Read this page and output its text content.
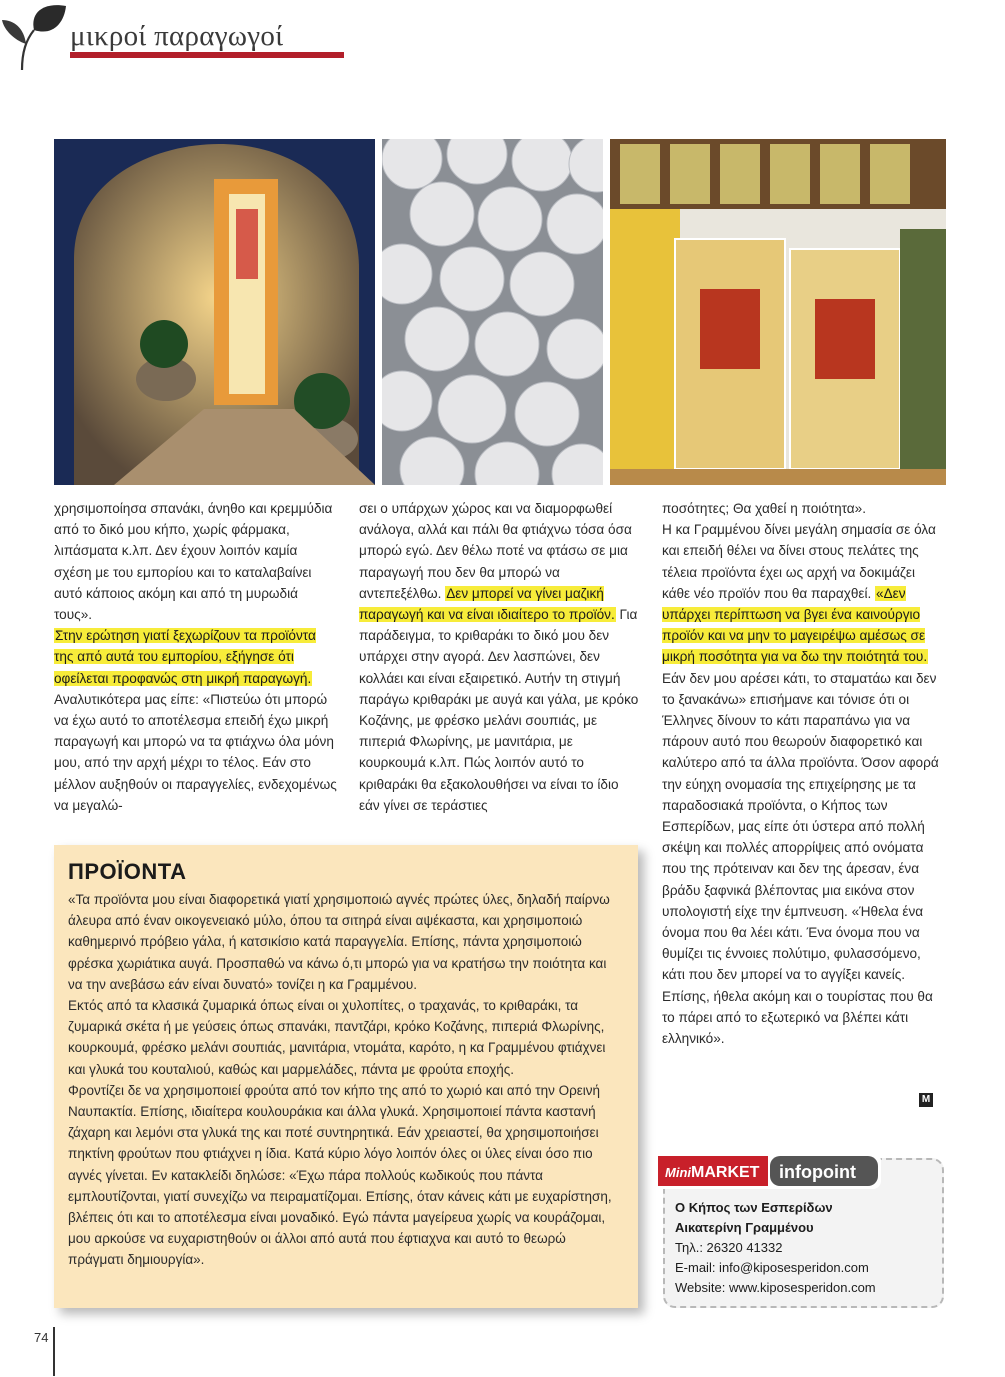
μικροί παραγωγοί

χρησιμοποίησα σπανάκι, άνηθο και κρεμμύδια από το δικό μου κήπο, χωρίς φάρμακα, λιπάσματα κ.λπ. Δεν έχουν λοιπόν καμία σχέση με του εμπορίου και το καταλαβαίνει αυτό κάποιος ακόμη και από τη μυρωδιά τους».

Στην ερώτηση γιατί ξεχωρίζουν τα προϊόντα της από αυτά του εμπορίου, εξήγησε ότι οφείλεται προφανώς στη μικρή παραγωγή. Αναλυτικότερα μας είπε: «Πιστεύω ότι μπορώ να έχω αυτό το αποτέλεσμα επειδή έχω μικρή παραγωγή και μπορώ να τα φτιάχνω όλα μόνη μου, από την αρχή μέχρι το τέλος. Εάν στο μέλλον αυξηθούν οι παραγγελίες, ενδεχομένως να μεγαλώ-

σει ο υπάρχων χώρος και να διαμορφωθεί ανάλογα, αλλά και πάλι θα φτιάχνω τόσα όσα μπορώ εγώ. Δεν θέλω ποτέ να φτάσω σε μια παραγωγή που δεν θα μπορώ να αντεπεξέλθω. Δεν μπορεί να γίνει μαζική παραγωγή και να είναι ιδιαίτερο το προϊόν. Για παράδειγμα, το κριθαράκι το δικό μου δεν υπάρχει στην αγορά. Δεν λασπώνει, δεν κολλάει και είναι εξαιρετικό. Αυτήν τη στιγμή παράγω κριθαράκι με αυγά και γάλα, με κρόκο Κοζάνης, με φρέσκο μελάνι σουπιάς, με πιπεριά Φλωρίνης, με μανιτάρια, με κουρκουμά κ.λπ. Πώς λοιπόν αυτό το κριθαράκι θα εξακολουθήσει να είναι το ίδιο εάν γίνει σε τεράστιες

ποσότητες; Θα χαθεί η ποιότητα».

Η κα Γραμμένου δίνει μεγάλη σημασία σε όλα και επειδή θέλει να δίνει στους πελάτες της τέλεια προϊόντα έχει ως αρχή να δοκιμάζει κάθε νέο προϊόν που θα παραχθεί. «Δεν υπάρχει περίπτωση να βγει ένα καινούργιο προϊόν και να μην το μαγειρέψω αμέσως σε μικρή ποσότητα για να δω την ποιότητά του. Εάν δεν μου αρέσει κάτι, το σταματάω και δεν το ξανακάνω» επισήμανε και τόνισε ότι οι Έλληνες δίνουν το κάτι παραπάνω για να πάρουν αυτό που θεωρούν διαφορετικό και καλύτερο από τα άλλα προϊόντα. Όσον αφορά την εύηχη ονομασία της επιχείρησης με τα παραδοσιακά προϊόντα, ο Κήπος των Εσπερίδων, μας είπε ότι ύστερα από πολλή σκέψη και πολλές απορρίψεις από ονόματα που της πρότειναν και δεν της άρεσαν, ένα βράδυ ξαφνικά βλέποντας μια εικόνα στον υπολογιστή είχε την έμπνευση. «Ήθελα ένα όνομα που θα λέει κάτι. Ένα όνομα που να θυμίζει τις έννοιες πολύτιμο, φυλασσόμενο, κάτι που δεν μπορεί να το αγγίξει κανείς. Επίσης, ήθελα ακόμη και ο τουρίστας που θα το πάρει από το εξωτερικό να βλέπει κάτι ελληνικό».

M
ΠΡΟΪΟΝΤΑ

«Τα προϊόντα μου είναι διαφορετικά γιατί χρησιμοποιώ αγνές πρώτες ύλες, δηλαδή παίρνω άλευρα από έναν οικογενειακό μύλο, όπου τα σιτηρά είναι αψέκαστα, και χρησιμοποιώ καθημερινό πρόβειο γάλα, ή κατσικίσιο κατά παραγγελία. Επίσης, πάντα χρησιμοποιώ φρέσκα χωριάτικα αυγά. Προσπαθώ να κάνω ό,τι μπορώ για να κρατήσω την ποιότητα και να την ανεβάσω εάν είναι δυνατό» τονίζει η κα Γραμμένου.

Εκτός από τα κλασικά ζυμαρικά όπως είναι οι χυλοπίτες, ο τραχανάς, το κριθαράκι, τα ζυμαρικά σκέτα ή με γεύσεις όπως σπανάκι, παντζάρι, κρόκο Κοζάνης, πιπεριά Φλωρίνης, κουρκουμά, φρέσκο μελάνι σουπιάς, μανιτάρια, ντομάτα, καρότο, η κα Γραμμένου φτιάχνει και γλυκά του κουταλιού, καθώς και μαρμελάδες, πάντα με φρούτα εποχής.

Φροντίζει δε να χρησιμοποιεί φρούτα από τον κήπο της από το χωριό και από την Ορεινή Ναυπακτία. Επίσης, ιδιαίτερα κουλουράκια και άλλα γλυκά. Χρησιμοποιεί πάντα καστανή ζάχαρη και λεμόνι στα γλυκά της και ποτέ συντηρητικά. Εάν χρειαστεί, θα χρησιμοποιήσει πηκτίνη φρούτων που φτιάχνει η ίδια. Κατά κύριο λόγο λοιπόν όλες οι ύλες είναι όσο πιο αγνές γίνεται. Εν κατακλείδι δηλώσε: «Έχω πάρα πολλούς κωδικούς που πάντα εμπλουτίζονται, γιατί συνεχίζω να πειραματίζομαι. Επίσης, όταν κάνεις κάτι με ευχαρίστηση, βλέπεις ότι και το αποτέλεσμα είναι μοναδικό. Εγώ πάντα μαγείρευα χωρίς να κουράζομαι, μου αρκούσε να ευχαριστηθούν οι άλλοι από αυτά που έφτιαχνα και αυτό το θεωρώ πράγματι δημιουργία».

Mini MARKET infopoint
Ο Κήπος των Εσπερίδων
Αικατερίνη Γραμμένου
Τηλ.: 26320 41332
E-mail: info@kiposesperidon.com
Website: www.kiposesperidon.com
74
